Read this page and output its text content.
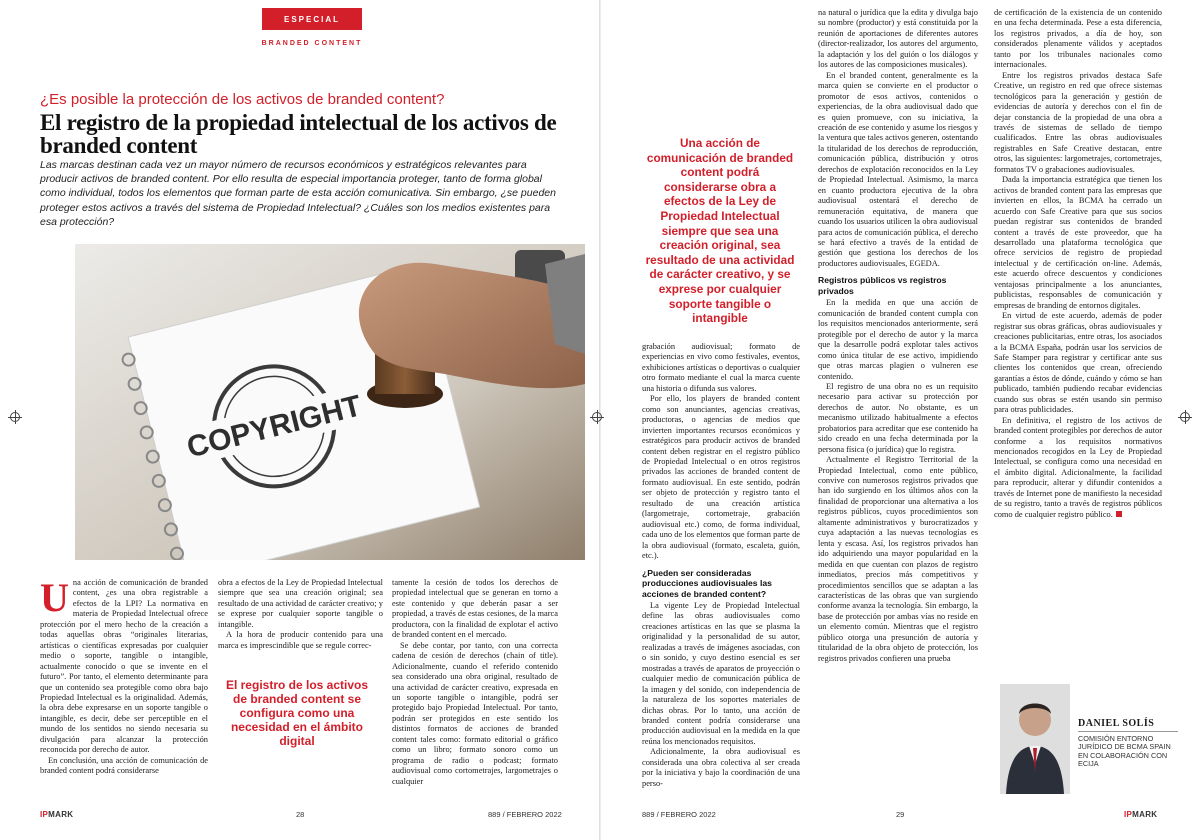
ESPECIAL
BRANDED CONTENT
¿Es posible la protección de los activos de branded content?
El registro de la propiedad intelectual de los activos de branded content

Las marcas destinan cada vez un mayor número de recursos económicos y estratégicos relevantes para producir activos de branded content. Por ello resulta de especial importancia proteger, tanto de forma global como individual, todos los elementos que forman parte de esta acción comunicativa. Sin embargo, ¿se pueden proteger estos activos a través del sistema de Propiedad Intelectual? ¿Cuáles son los medios existentes para esa protección?

COPYRIGHT
U na acción de comunicación de branded content, ¿es una obra registrable a efectos de la LPI? La normativa en materia de Propiedad Intelectual ofrece protección por el mero hecho de la creación a todas aquellas obras “originales literarias, artísticas o científicas expresadas por cualquier medio o soporte, tangible o intangible, actualmente conocido o que se invente en el futuro”. Por tanto, el elemento determinante para que un contenido sea protegible como obra bajo Propiedad Intelectual es la originalidad. Además, la obra debe expresarse en un soporte tangible o intangible, es decir, debe ser perceptible en el mundo de los sentidos no siendo necesaria su divulgación para alcanzar la protección reconocida por derecho de autor.

En conclusión, una acción de comunicación de branded content podrá considerarse

obra a efectos de la Ley de Propiedad Intelectual siempre que sea una creación original; sea resultado de una actividad de carácter creativo; y se exprese por cualquier soporte tangible o intangible.

A la hora de producir contenido para una marca es imprescindible que se regule correc-

El registro de los activos de branded content se configura como una necesidad en el ámbito digital

tamente la cesión de todos los derechos de propiedad intelectual que se generan en torno a este contenido y que deberán pasar a ser propiedad, a través de estas cesiones, de la marca productora, con la finalidad de explotar el activo de branded content en el mercado.

Se debe contar, por tanto, con una correcta cadena de cesión de derechos (chain of title). Adicionalmente, cuando el referido contenido sea considerado una obra original, resultado de una actividad de carácter creativo, expresada en un soporte tangible o intangible, podrá ser protegido bajo Propiedad Intelectual. Por tanto, podrán ser protegidos en este sentido los distintos formatos de acciones de branded content tales como: formato editorial o gráfico como un libro; formato sonoro como un programa de radio o podcast; formato audiovisual como cortometrajes, largometrajes o cualquier

Una acción de comunicación de branded content podrá considerarse obra a efectos de la Ley de Propiedad Intelectual siempre que sea una creación original, sea resultado de una actividad de carácter creativo, y se exprese por cualquier soporte tangible o intangible

grabación audiovisual; formato de experiencias en vivo como festivales, eventos, exhibiciones artísticas o deportivas o cualquier otro formato mediante el cual la marca cuente una historia o difunda sus valores.

Por ello, los players de branded content como son anunciantes, agencias creativas, productoras, o agencias de medios que invierten importantes recursos económicos y estratégicos para producir activos de branded content deben registrar en el registro público de Propiedad Intelectual o en otros registros privados las acciones de branded content de formato audiovisual. En este sentido, podrán ser objeto de protección y registro tanto el resultado de una creación artística (largometraje, cortometraje, grabación audiovisual etc.) como, de forma individual, cada uno de los elementos que forman parte de la obra audiovisual (formato, escaleta, guión, etc.).

¿Pueden ser consideradas producciones audiovisuales las acciones de branded content?

La vigente Ley de Propiedad Intelectual define las obras audiovisuales como creaciones artísticas en las que se plasma la originalidad y la personalidad de su autor, realizadas a través de imágenes asociadas, con o sin sonido, y cuyo destino esencial es ser mostradas a través de aparatos de proyección o cualquier medio de comunicación pública de la imagen y del sonido, con independencia de la naturaleza de los soportes materiales de dichas obras. Por lo tanto, una acción de branded content podría considerarse una producción audiovisual en la medida en la que reúna los mencionados requisitos.

Adicionalmente, la obra audiovisual es considerada una obra colectiva al ser creada por la iniciativa y bajo la coordinación de una perso-

na natural o jurídica que la edita y divulga bajo su nombre (productor) y está constituida por la reunión de aportaciones de diferentes autores (director-realizador, los autores del argumento, la adaptación y los del guión o los diálogos y los autores de las composiciones musicales).

En el branded content, generalmente es la marca quien se convierte en el productor o promotor de esos activos, contenidos o experiencias, de la obra audiovisual dado que es quien promueve, con su iniciativa, la creación de ese contenido y asume los riesgos y la ventura que tales activos generen, ostentando la titularidad de los derechos de reproducción, comunicación pública, distribución y otros derechos de explotación reconocidos en la Ley de Propiedad Intelectual. Asimismo, la marca en cuanto productora ejecutiva de la obra audiovisual ostentará el derecho de remuneración equitativa, de manera que cuando los usuarios utilicen la obra audiovisual para actos de comunicación pública, el derecho se hará efectivo a través de la entidad de gestión que gestiona los derechos de los productores audiovisuales, EGEDA.

Registros públicos vs registros privados

En la medida en que una acción de comunicación de branded content cumpla con los requisitos mencionados anteriormente, será protegible por el derecho de autor y la marca que la desarrolle podrá explotar tales activos como única titular de ese activo, impidiendo que otras marcas plagien o vulneren ese contenido.

El registro de una obra no es un requisito necesario para activar su protección por derechos de autor. No obstante, es un mecanismo utilizado habitualmente a efectos probatorios para acreditar que ese contenido ha sido creado en una fecha determinada por la persona física (o jurídica) que lo registra.

Actualmente el Registro Territorial de la Propiedad Intelectual, como ente público, convive con numerosos registros privados que han ido surgiendo en los últimos años con la finalidad de proporcionar una alternativa a los registros públicos, cuyos procedimientos son altamente administrativos y burocratizados y cuya adaptación a las nuevas tecnologías es lenta y escasa. Así, los registros privados han ido adquiriendo una mayor popularidad en la medida en que cuentan con plazos de registro inmediatos, precios más competitivos y procedimientos sencillos que se adaptan a las características de las obras que van surgiendo conforme avanza la tecnología. Sin embargo, la base de protección por ambas vías no reside en un elemento común. Mientras que el registro público otorga una presunción de autoría y titularidad de la obra objeto de protección, los registros privados confieren una prueba

de certificación de la existencia de un contenido en una fecha determinada. Pese a esta diferencia, los registros privados, a día de hoy, son considerados plenamente válidos y aceptados tanto por los tribunales nacionales como internacionales.

Entre los registros privados destaca Safe Creative, un registro en red que ofrece sistemas tecnológicos para la generación y gestión de evidencias de autoría y derechos con el fin de dejar constancia de la propiedad de una obra a través de sistemas de sellado de tiempo cualificados. Entre las obras audiovisuales registrables en Safe Creative destacan, entre otros, las siguientes: largometrajes, cortometrajes, formatos TV o grabaciones audiovisuales.

Dada la importancia estratégica que tienen los activos de branded content para las empresas que invierten en ellos, la BCMA ha cerrado un acuerdo con Safe Creative para que sus socios puedan registrar sus contenidos de branded content a través de este proveedor, que ha desarrollado una plataforma tecnológica que ofrece servicios de registro de propiedad intelectual y de certificación on-line. Además, este acuerdo ofrece descuentos y condiciones ventajosas principalmente a los anunciantes, publicistas, responsables de comunicación y empresas de branding de entornos digitales.

En virtud de este acuerdo, además de poder registrar sus obras gráficas, obras audiovisuales y creaciones publicitarias, entre otras, los asociados a la BCMA España, podrán usar los servicios de Safe Stamper para registrar y certificar ante sus clientes los contenidos que crean, ofreciendo garantías a éstos de dónde, cuándo y cómo se han publicado, también pudiendo recabar evidencias cuando sus obras se estén usando sin permiso para otras publicidades.

En definitiva, el registro de los activos de branded content protegibles por derechos de autor conforme a los requisitos normativos mencionados recogidos en la Ley de Propiedad Intelectual, se configura como una necesidad en el ámbito digital. Adicionalmente, la facilidad para reproducir, alterar y difundir contenidos a través de Internet pone de manifiesto la necesidad de su registro, tanto a través de registros públicos como de cualquier registro público.

DANIEL SOLÍS
COMISIÓN ENTORNO JURÍDICO DE BCMA SPAIN EN COLABORACIÓN CON ECIJA
IPMARK	28	889 / FEBRERO 2022	889 / FEBRERO 2022	29	IPMARK
